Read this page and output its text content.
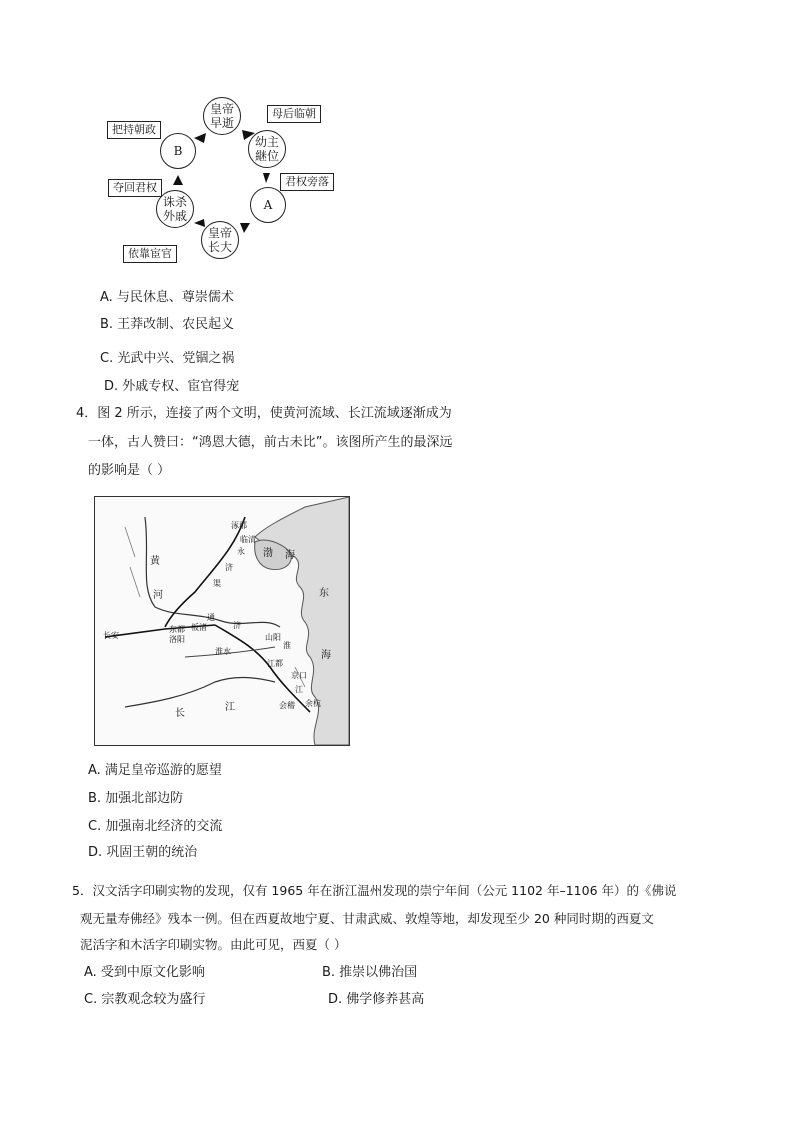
皇帝
早逝
幼主
継位
A
皇帝
长大
诛杀
外戚
B
母后临朝
君权旁落
依靠宦官
夺回君权
把持朝政
A. 与民休息、尊崇儒术
B. 王莽改制、农民起义
C. 光武中兴、党锢之祸
D. 外戚专权、宦官得宠
4．图 2 所示，连接了两个文明，使黄河流域、长江流域逐渐成为
一体，古人赞曰：“鸿恩大德，前古未比”。该图所产生的最深远
的影响是（ ）
涿郡
临清
渤 海
黄
河
永
济
渠
通
济
长安
东都
洛阳
板渚
山阳
淮
江都
京口
余杭
会稽
江
淮水
东
海
长
江
A. 满足皇帝巡游的愿望
B. 加强北部边防
C. 加强南北经济的交流
D. 巩固王朝的统治
5．汉文活字印刷实物的发现，仅有 1965 年在浙江温州发现的崇宁年间（公元 1102 年–1106 年）的《佛说
观无量寿佛经》残本一例。但在西夏故地宁夏、甘肃武威、敦煌等地，却发现至少 20 种同时期的西夏文
泥活字和木活字印刷实物。由此可见，西夏（ ）
A. 受到中原文化影响	B. 推崇以佛治国
C. 宗教观念较为盛行	D. 佛学修养甚高
